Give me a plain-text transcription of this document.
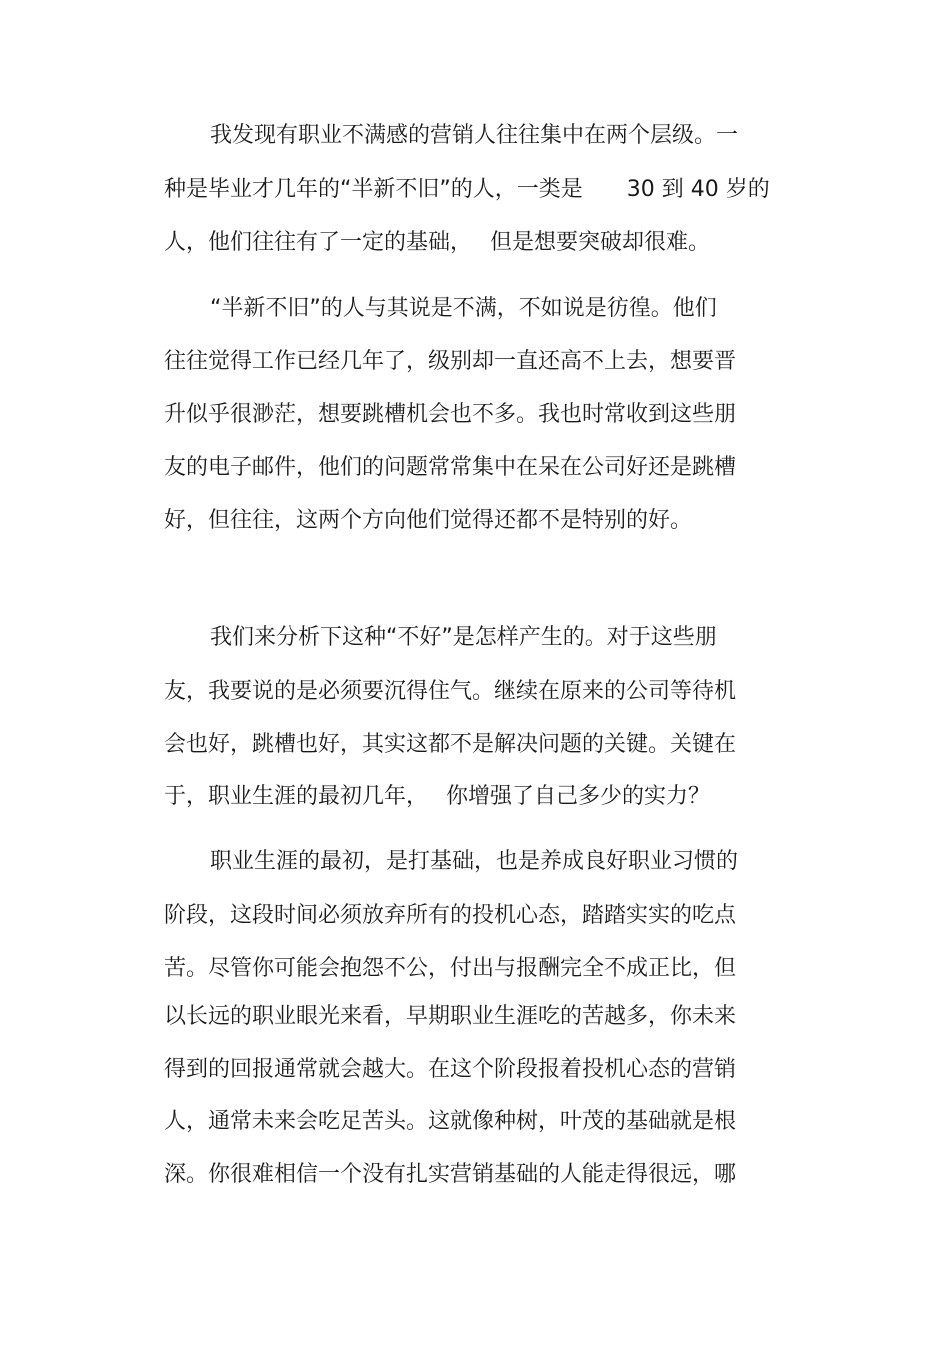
我发现有职业不满感的营销人往往集中在两个层级。一
种是毕业才几年的“半新不旧”的人，一类是　　30 到 40 岁的
人，他们往往有了一定的基础，　 但是想要突破却很难。
“半新不旧”的人与其说是不满，不如说是彷徨。他们
往往觉得工作已经几年了，级别却一直还高不上去，想要晋
升似乎很渺茫，想要跳槽机会也不多。我也时常收到这些朋
友的电子邮件，他们的问题常常集中在呆在公司好还是跳槽
好，但往往，这两个方向他们觉得还都不是特别的好。
我们来分析下这种“不好”是怎样产生的。对于这些朋
友，我要说的是必须要沉得住气。继续在原来的公司等待机
会也好，跳槽也好，其实这都不是解决问题的关键。关键在
于，职业生涯的最初几年，　 你增强了自己多少的实力？
职业生涯的最初，是打基础，也是养成良好职业习惯的
阶段，这段时间必须放弃所有的投机心态，踏踏实实的吃点
苦。尽管你可能会抱怨不公，付出与报酬完全不成正比，但
以长远的职业眼光来看，早期职业生涯吃的苦越多，你未来
得到的回报通常就会越大。在这个阶段报着投机心态的营销
人，通常未来会吃足苦头。这就像种树，叶茂的基础就是根
深。你很难相信一个没有扎实营销基础的人能走得很远，哪
